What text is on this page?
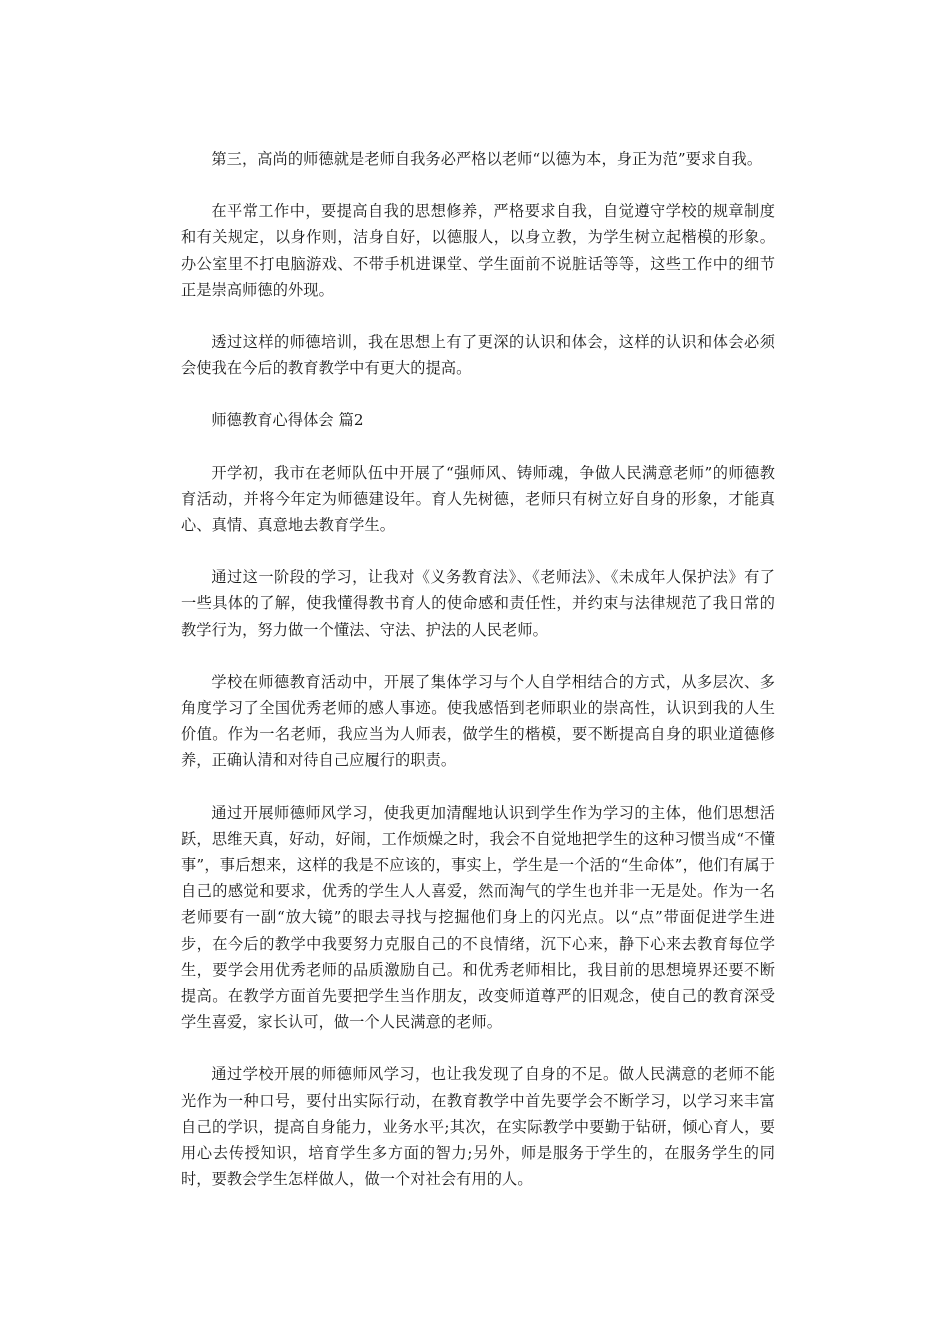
第三，高尚的师德就是老师自我务必严格以老师“以德为本，身正为范”要求自我。

在平常工作中，要提高自我的思想修养，严格要求自我，自觉遵守学校的规章制度和有关规定，以身作则，洁身自好，以德服人，以身立教，为学生树立起楷模的形象。办公室里不打电脑游戏、不带手机进课堂、学生面前不说脏话等等，这些工作中的细节正是崇高师德的外现。

透过这样的师德培训，我在思想上有了更深的认识和体会，这样的认识和体会必须会使我在今后的教育教学中有更大的提高。

师德教育心得体会 篇2

开学初，我市在老师队伍中开展了“强师风、铸师魂，争做人民满意老师”的师德教育活动，并将今年定为师德建设年。育人先树德，老师只有树立好自身的形象，才能真心、真情、真意地去教育学生。

通过这一阶段的学习，让我对《义务教育法》、《老师法》、《未成年人保护法》有了一些具体的了解，使我懂得教书育人的使命感和责任性，并约束与法律规范了我日常的教学行为，努力做一个懂法、守法、护法的人民老师。

学校在师德教育活动中，开展了集体学习与个人自学相结合的方式，从多层次、多角度学习了全国优秀老师的感人事迹。使我感悟到老师职业的崇高性，认识到我的人生价值。作为一名老师，我应当为人师表，做学生的楷模，要不断提高自身的职业道德修养，正确认清和对待自己应履行的职责。

通过开展师德师风学习，使我更加清醒地认识到学生作为学习的主体，他们思想活跃，思维天真，好动，好闹，工作烦燥之时，我会不自觉地把学生的这种习惯当成“不懂事”，事后想来，这样的我是不应该的，事实上，学生是一个活的“生命体”，他们有属于自己的感觉和要求，优秀的学生人人喜爱，然而淘气的学生也并非一无是处。作为一名老师要有一副“放大镜”的眼去寻找与挖掘他们身上的闪光点。以“点”带面促进学生进步，在今后的教学中我要努力克服自己的不良情绪，沉下心来，静下心来去教育每位学生，要学会用优秀老师的品质激励自己。和优秀老师相比，我目前的思想境界还要不断提高。在教学方面首先要把学生当作朋友，改变师道尊严的旧观念，使自己的教育深受学生喜爱，家长认可，做一个人民满意的老师。

通过学校开展的师德师风学习，也让我发现了自身的不足。做人民满意的老师不能光作为一种口号，要付出实际行动，在教育教学中首先要学会不断学习，以学习来丰富自己的学识，提高自身能力，业务水平;其次，在实际教学中要勤于钻研，倾心育人，要用心去传授知识，培育学生多方面的智力;另外，师是服务于学生的，在服务学生的同时，要教会学生怎样做人，做一个对社会有用的人。
